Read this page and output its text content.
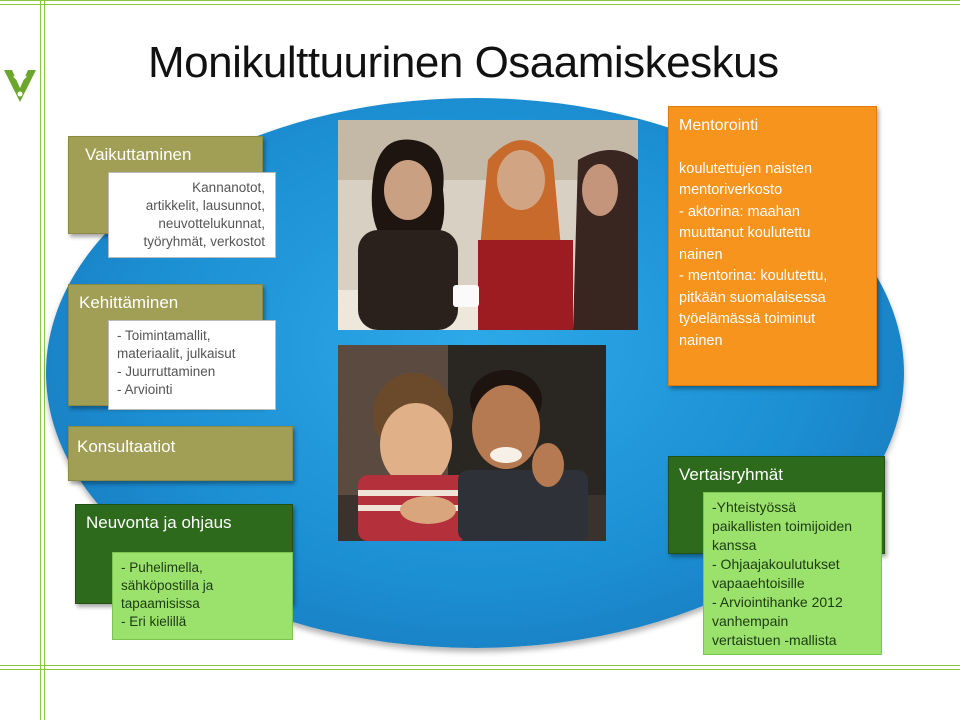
Monikulttuurinen Osaamiskeskus
Vaikuttaminen
Kannanotot,
artikkelit, lausunnot,
neuvottelukunnat,
työryhmät, verkostot
Kehittäminen
- Toimintamallit,
materiaalit, julkaisut
- Juurruttaminen
- Arviointi
Konsultaatiot
Neuvonta ja ohjaus
- Puhelimella,
sähköpostilla ja
tapaamisissa
- Eri kielillä
Mentorointi
koulutettujen naisten
mentoriverkosto
- aktorina: maahan
muuttanut koulutettu
nainen
- mentorina: koulutettu,
pitkään suomalaisessa
työelämässä toiminut
nainen
Vertaisryhmät
-Yhteistyössä
paikallisten toimijoiden
kanssa
- Ohjaajakoulutukset
vapaaehtoisille
- Arviointihanke 2012
vanhempain
vertaistuen -mallista
